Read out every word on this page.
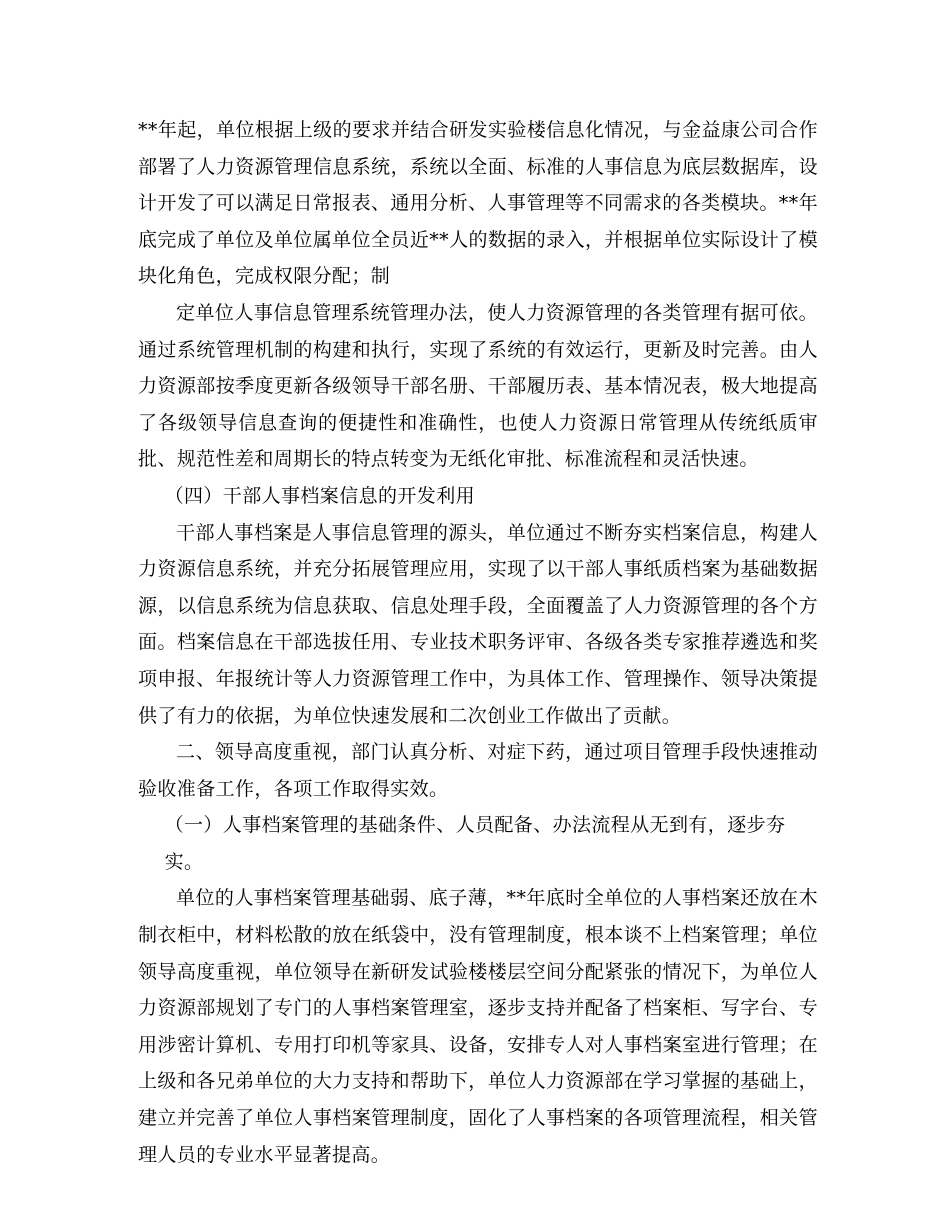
**年起，单位根据上级的要求并结合研发实验楼信息化情况，与金益康公司合作部署了人力资源管理信息系统，系统以全面、标准的人事信息为底层数据库，设计开发了可以满足日常报表、通用分析、人事管理等不同需求的各类模块。**年底完成了单位及单位属单位全员近**人的数据的录入，并根据单位实际设计了模块化角色，完成权限分配；制

定单位人事信息管理系统管理办法，使人力资源管理的各类管理有据可依。通过系统管理机制的构建和执行，实现了系统的有效运行，更新及时完善。由人力资源部按季度更新各级领导干部名册、干部履历表、基本情况表，极大地提高了各级领导信息查询的便捷性和准确性，也使人力资源日常管理从传统纸质审批、规范性差和周期长的特点转变为无纸化审批、标准流程和灵活快速。

（四）干部人事档案信息的开发利用

干部人事档案是人事信息管理的源头，单位通过不断夯实档案信息，构建人力资源信息系统，并充分拓展管理应用，实现了以干部人事纸质档案为基础数据源，以信息系统为信息获取、信息处理手段，全面覆盖了人力资源管理的各个方面。档案信息在干部选拔任用、专业技术职务评审、各级各类专家推荐遴选和奖项申报、年报统计等人力资源管理工作中，为具体工作、管理操作、领导决策提供了有力的依据，为单位快速发展和二次创业工作做出了贡献。

二、领导高度重视，部门认真分析、对症下药，通过项目管理手段快速推动验收准备工作，各项工作取得实效。

（一）人事档案管理的基础条件、人员配备、办法流程从无到有，逐步夯实。

单位的人事档案管理基础弱、底子薄，**年底时全单位的人事档案还放在木制衣柜中，材料松散的放在纸袋中，没有管理制度，根本谈不上档案管理；单位领导高度重视，单位领导在新研发试验楼楼层空间分配紧张的情况下，为单位人力资源部规划了专门的人事档案管理室，逐步支持并配备了档案柜、写字台、专用涉密计算机、专用打印机等家具、设备，安排专人对人事档案室进行管理；在上级和各兄弟单位的大力支持和帮助下，单位人力资源部在学习掌握的基础上，建立并完善了单位人事档案管理制度，固化了人事档案的各项管理流程，相关管理人员的专业水平显著提高。
